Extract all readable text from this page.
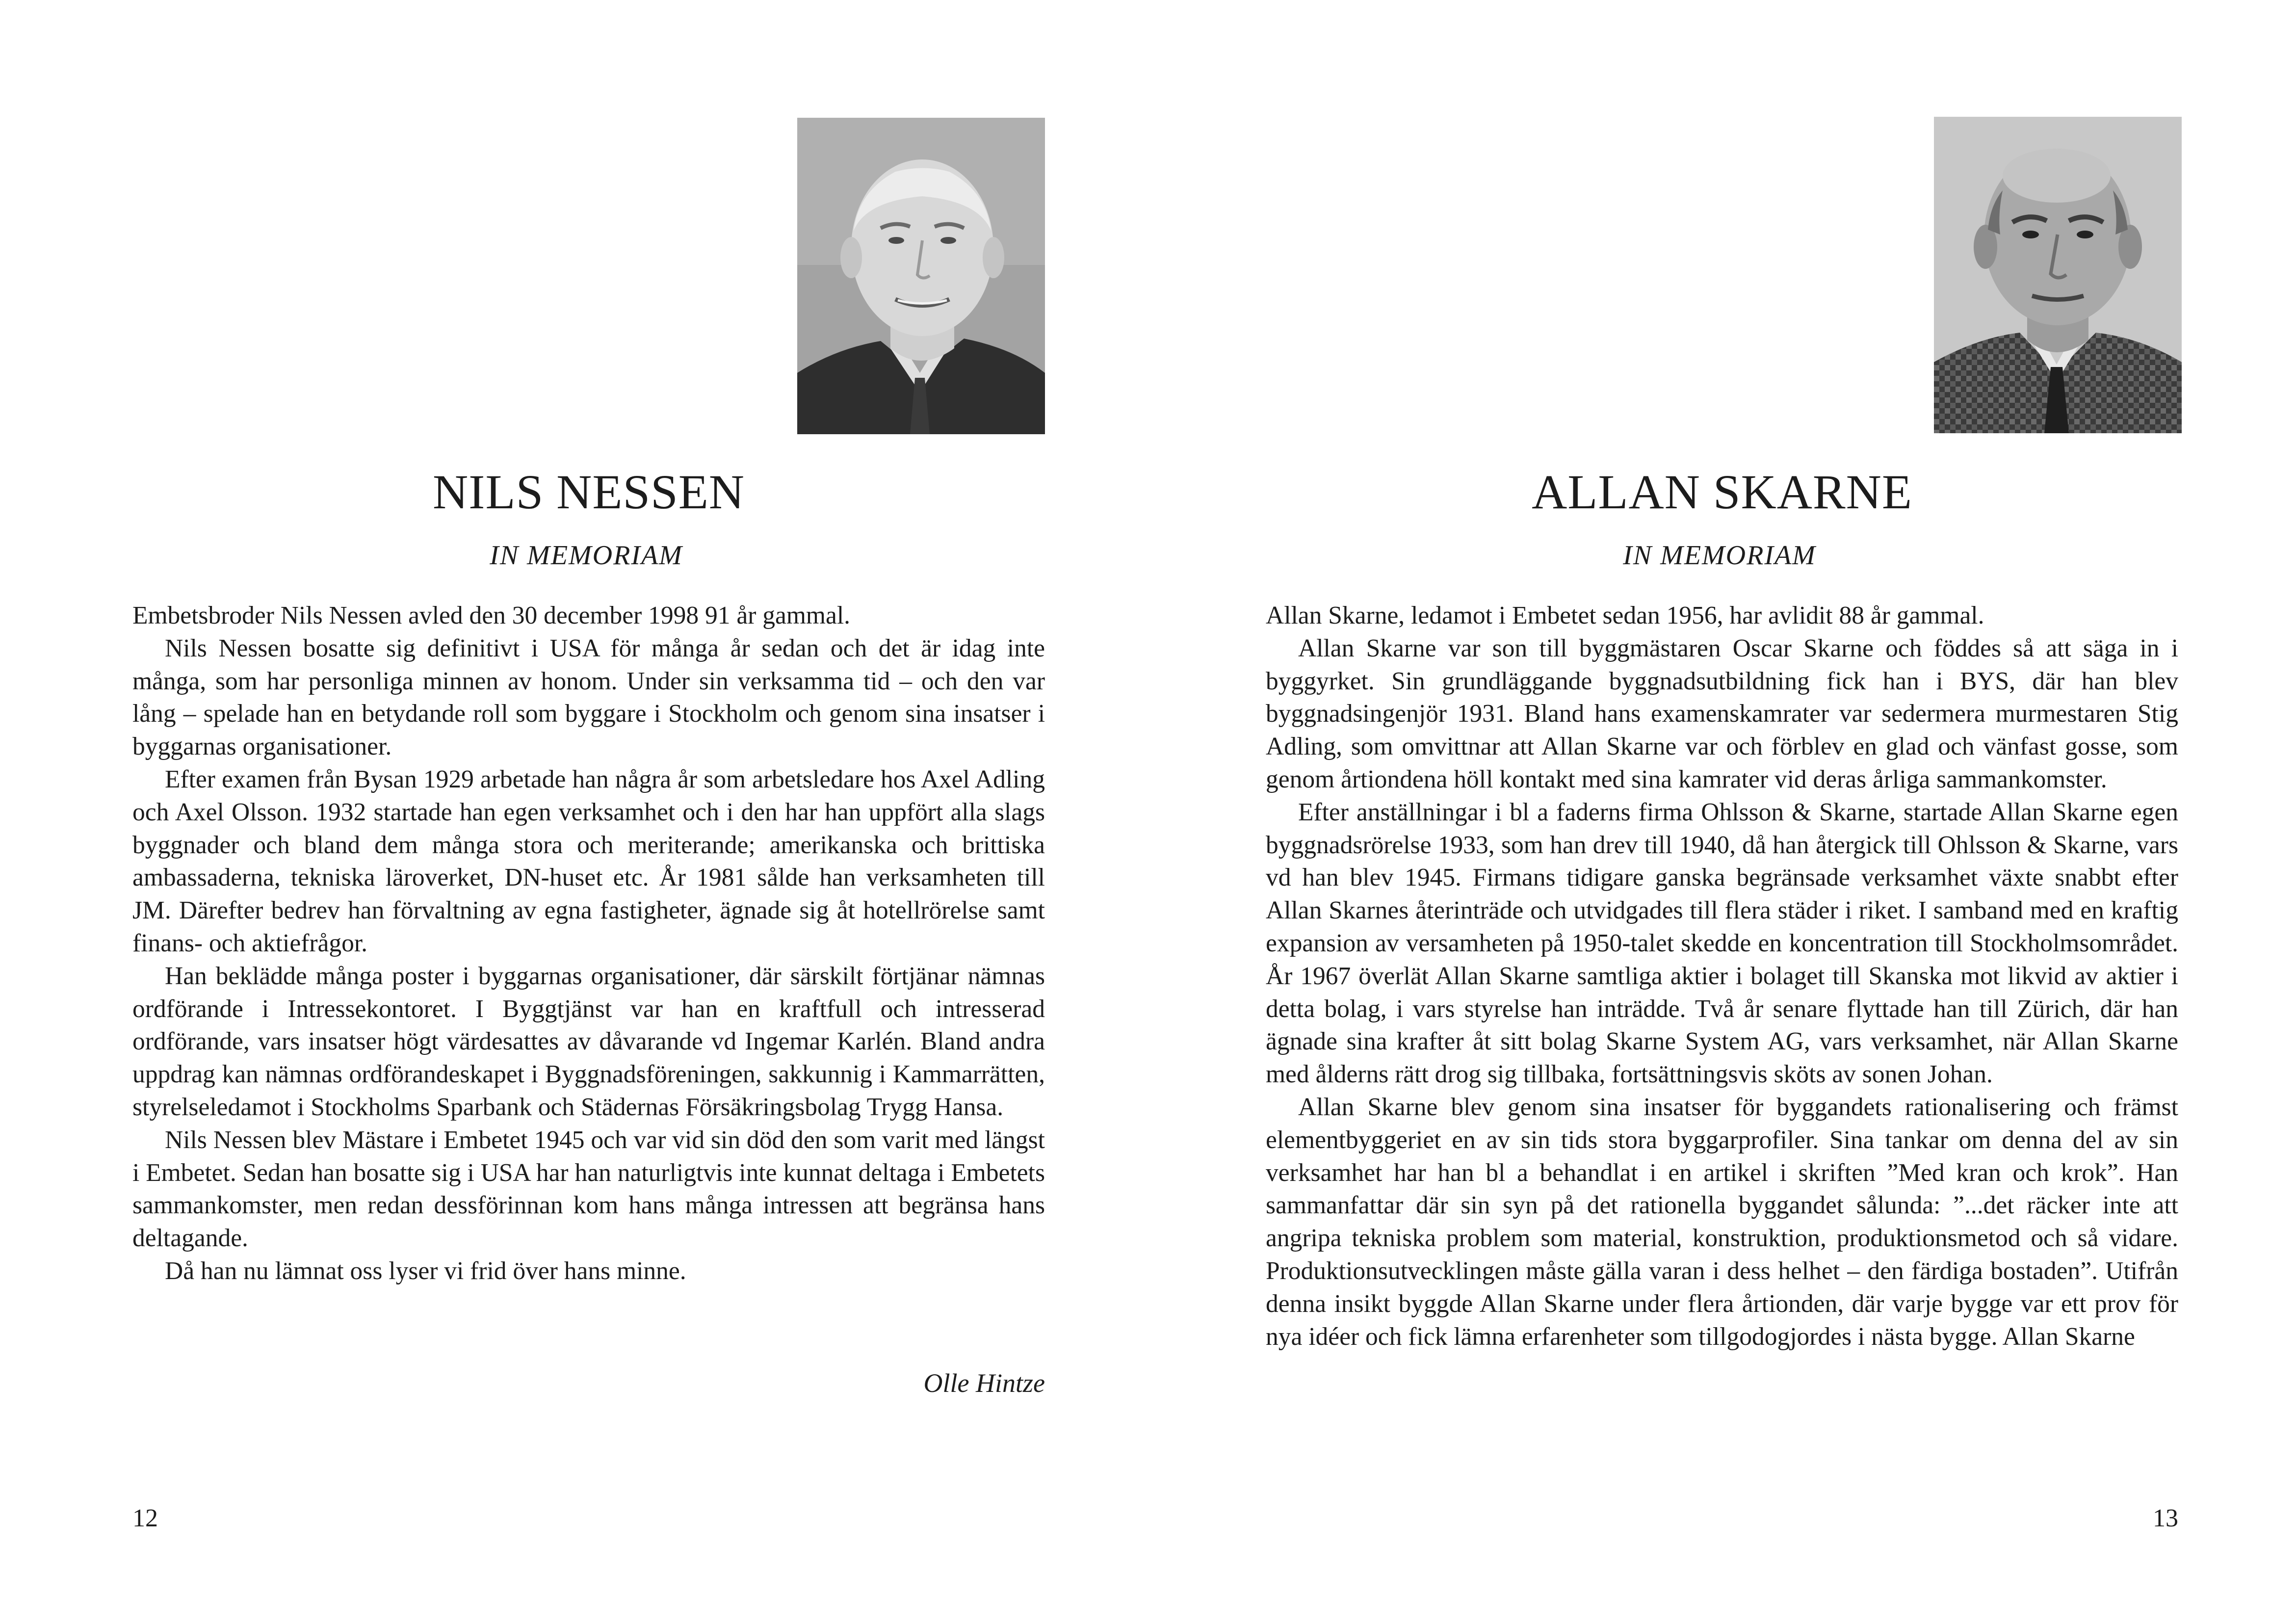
NILS NESSEN
IN MEMORIAM

Embetsbroder Nils Nessen avled den 30 december 1998 91 år gammal.

Nils Nessen bosatte sig definitivt i USA för många år sedan och det är idag inte många, som har personliga minnen av honom. Under sin verksamma tid – och den var lång – spelade han en betydande roll som byggare i Stockholm och genom sina insatser i byggarnas organisationer.

Efter examen från Bysan 1929 arbetade han några år som arbetsledare hos Axel Adling och Axel Olsson. 1932 startade han egen verksamhet och i den har han uppfört alla slags byggnader och bland dem många stora och meriterande; amerikanska och brittiska ambassaderna, tekniska läroverket, DN-huset etc. År 1981 sålde han verksamheten till JM. Därefter bedrev han förvaltning av egna fastigheter, ägnade sig åt hotellrörelse samt finans- och aktiefrågor.

Han beklädde många poster i byggarnas organisationer, där särskilt förtjänar nämnas ordförande i Intressekontoret. I Byggtjänst var han en kraftfull och intresserad ordförande, vars insatser högt värdesattes av dåvarande vd Ingemar Karlén. Bland andra uppdrag kan nämnas ordförandeskapet i Byggnadsföreningen, sakkunnig i Kammarrätten, styrelseledamot i Stockholms Sparbank och Städernas Försäkringsbolag Trygg Hansa.

Nils Nessen blev Mästare i Embetet 1945 och var vid sin död den som varit med längst i Embetet. Sedan han bosatte sig i USA har han naturligtvis inte kunnat deltaga i Embetets sammankomster, men redan dessförinnan kom hans många intressen att begränsa hans deltagande.

Då han nu lämnat oss lyser vi frid över hans minne.

Olle Hintze
12
ALLAN SKARNE
IN MEMORIAM

Allan Skarne, ledamot i Embetet sedan 1956, har avlidit 88 år gammal.

Allan Skarne var son till byggmästaren Oscar Skarne och föddes så att säga in i byggyrket. Sin grundläggande byggnadsutbildning fick han i BYS, där han blev byggnadsingenjör 1931. Bland hans examenskamrater var sedermera murmestaren Stig Adling, som omvittnar att Allan Skarne var och förblev en glad och vänfast gosse, som genom årtiondena höll kontakt med sina kamrater vid deras årliga sammankomster.

Efter anställningar i bl a faderns firma Ohlsson & Skarne, startade Allan Skarne egen byggnadsrörelse 1933, som han drev till 1940, då han återgick till Ohlsson & Skarne, vars vd han blev 1945. Firmans tidigare ganska begränsade verksamhet växte snabbt efter Allan Skarnes återinträde och utvidgades till flera städer i riket. I samband med en kraftig expansion av versamheten på 1950-talet skedde en koncentration till Stockholmsområdet. År 1967 överlät Allan Skarne samtliga aktier i bolaget till Skanska mot likvid av aktier i detta bolag, i vars styrelse han inträdde. Två år senare flyttade han till Zürich, där han ägnade sina krafter åt sitt bolag Skarne System AG, vars verksamhet, när Allan Skarne med ålderns rätt drog sig tillbaka, fortsättningsvis sköts av sonen Johan.

Allan Skarne blev genom sina insatser för byggandets rationalisering och främst elementbyggeriet en av sin tids stora byggarprofiler. Sina tankar om denna del av sin verksamhet har han bl a behandlat i en artikel i skriften ”Med kran och krok”. Han sammanfattar där sin syn på det rationella byggandet sålunda: ”...det räcker inte att angripa tekniska problem som material, konstruktion, produktionsmetod och så vidare. Produktionsutvecklingen måste gälla varan i dess helhet – den färdiga bostaden”. Utifrån denna insikt byggde Allan Skarne under flera årtionden, där varje bygge var ett prov för nya idéer och fick lämna erfarenheter som tillgodogjordes i nästa bygge. Allan Skarne

13
